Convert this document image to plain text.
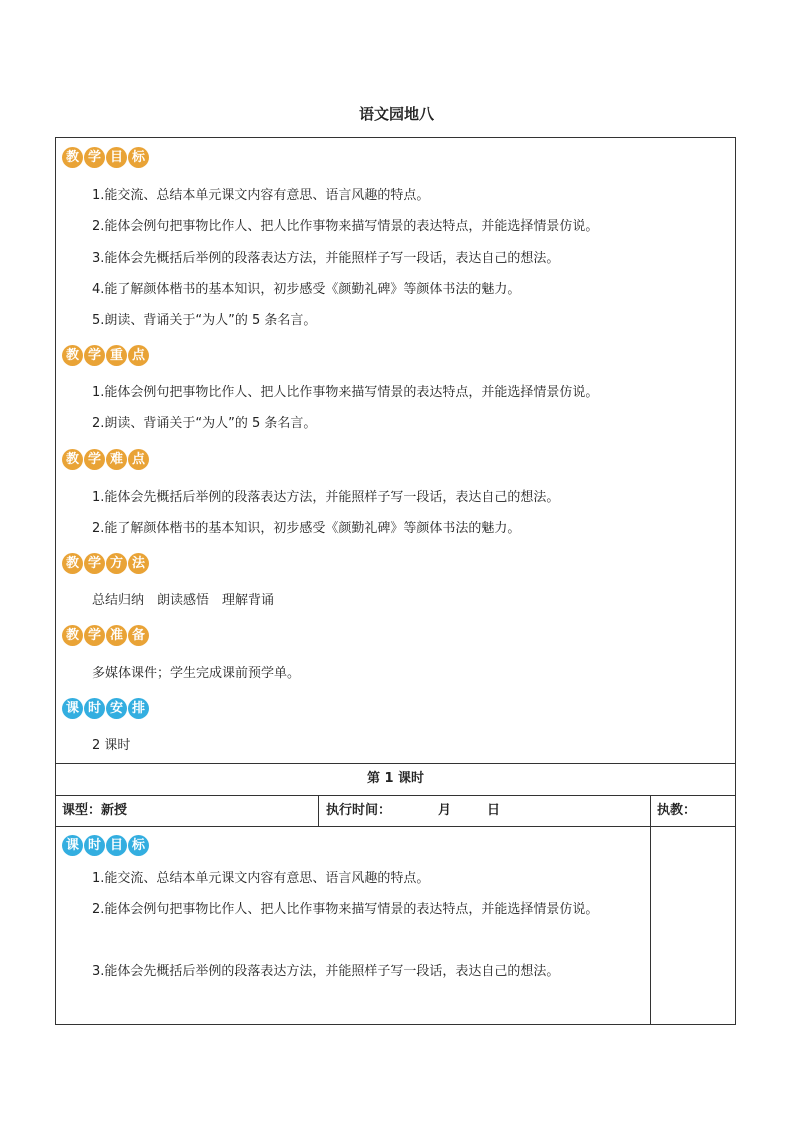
语文园地八
教 学 目 标
1.能交流、总结本单元课文内容有意思、语言风趣的特点。
2.能体会例句把事物比作人、把人比作事物来描写情景的表达特点，并能选择情景仿说。
3.能体会先概括后举例的段落表达方法，并能照样子写一段话，表达自己的想法。
4.能了解颜体楷书的基本知识，初步感受《颜勤礼碑》等颜体书法的魅力。
5.朗读、背诵关于“为人”的 5 条名言。
教 学 重 点
1.能体会例句把事物比作人、把人比作事物来描写情景的表达特点，并能选择情景仿说。
2.朗读、背诵关于“为人”的 5 条名言。
教 学 难 点
1.能体会先概括后举例的段落表达方法，并能照样子写一段话，表达自己的想法。
2.能了解颜体楷书的基本知识，初步感受《颜勤礼碑》等颜体书法的魅力。
教 学 方 法
总结归纳　朗读感悟　理解背诵
教 学 准 备
多媒体课件；学生完成课前预学单。
课 时 安 排
2 课时
第 1 课时
课型：新授	执行时间：	月	日	执教：
课 时 目 标

1.能交流、总结本单元课文内容有意思、语言风趣的特点。

2.能体会例句把事物比作人、把人比作事物来描写情景的表达特点，并能选择情景仿说。

3.能体会先概括后举例的段落表达方法，并能照样子写一段话，表达自己的想法。
